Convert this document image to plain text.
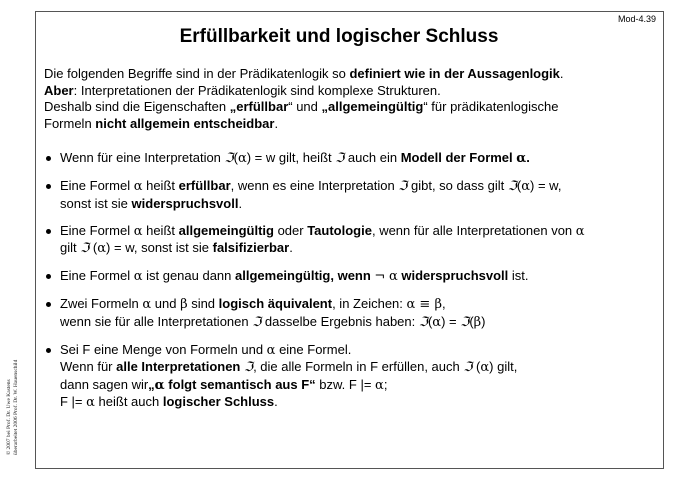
Mod-4.39
Erfüllbarkeit und logischer Schluss
Die folgenden Begriffe sind in der Prädikatenlogik so definiert wie in der Aussagenlogik.
Aber: Interpretationen der Prädikatenlogik sind komplexe Strukturen.
Deshalb sind die Eigenschaften „erfüllbar“ und „allgemeingültig“ für prädikatenlogische
Formeln nicht allgemein entscheidbar.
Wenn für eine Interpretation ℑ(α) = w gilt, heißt ℑ auch ein Modell der Formel α.
Eine Formel α heißt erfüllbar, wenn es eine Interpretation ℑ gibt, so dass gilt ℑ(α) = w,
sonst ist sie widerspruchsvoll.
Eine Formel α heißt allgemeingültig oder Tautologie, wenn für alle Interpretationen von α
gilt ℑ (α) = w, sonst ist sie falsifizierbar.
Eine Formel α ist genau dann allgemeingültig, wenn ¬ α widerspruchsvoll ist.
Zwei Formeln α und β sind logisch äquivalent, in Zeichen: α ≡ β,
wenn sie für alle Interpretationen ℑ dasselbe Ergebnis haben: ℑ(α) = ℑ(β)
Sei F eine Menge von Formeln und α eine Formel.
Wenn für alle Interpretationen ℑ, die alle Formeln in F erfüllen, auch ℑ (α) gilt,
dann sagen wir„α folgt semantisch aus F“ bzw. F |= α;
F |= α heißt auch logischer Schluss.
© 2007 bei Prof. Dr. Uwe Kastens überarbeitet 2006 Prof. Dr. W. Hauenschild
